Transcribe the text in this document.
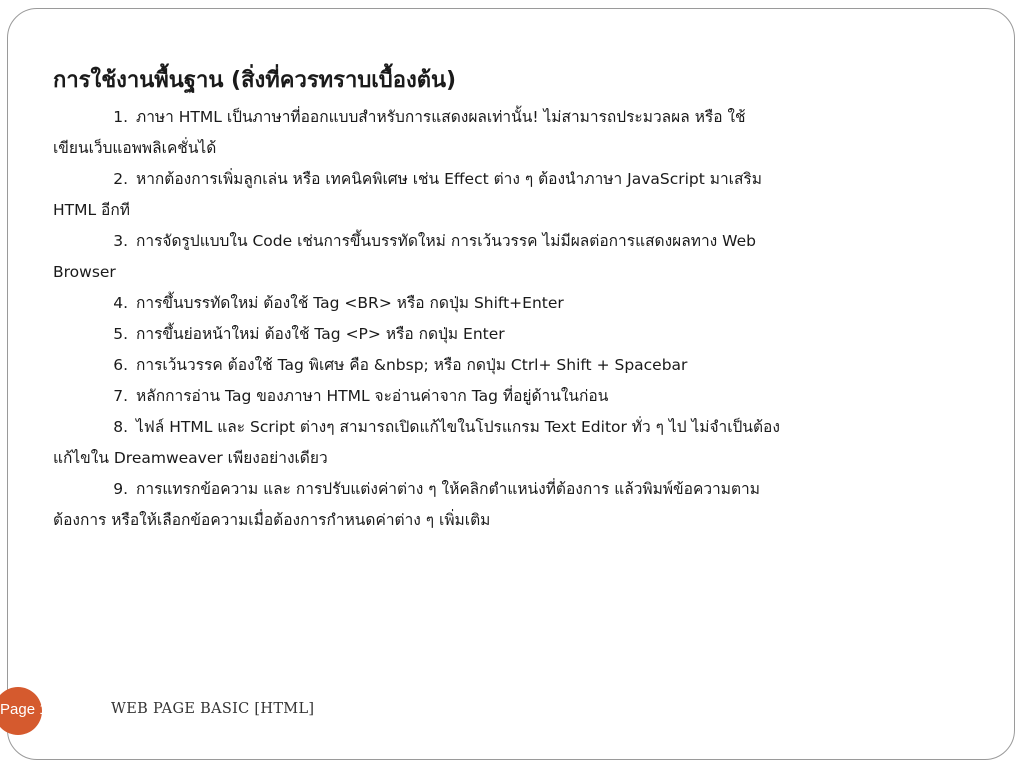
การใช้งานพื้นฐาน (สิ่งที่ควรทราบเบื้องต้น)
1. ภาษา HTML เป็นภาษาที่ออกแบบสำหรับการแสดงผลเท่านั้น! ไม่สามารถประมวลผล หรือ ใช้
เขียนเว็บแอพพลิเคชั่นได้
2. หากต้องการเพิ่มลูกเล่น หรือ เทคนิคพิเศษ เช่น Effect ต่าง ๆ ต้องนำภาษา JavaScript มาเสริม
HTML อีกที
3. การจัดรูปแบบใน Code เช่นการขึ้นบรรทัดใหม่ การเว้นวรรค ไม่มีผลต่อการแสดงผลทาง Web
Browser
4. การขึ้นบรรทัดใหม่ ต้องใช้ Tag <BR> หรือ กดปุ่ม Shift+Enter
5. การขึ้นย่อหน้าใหม่ ต้องใช้ Tag <P> หรือ กดปุ่ม Enter
6. การเว้นวรรค ต้องใช้ Tag พิเศษ คือ &nbsp; หรือ กดปุ่ม Ctrl+ Shift + Spacebar
7. หลักการอ่าน Tag ของภาษา HTML จะอ่านค่าจาก Tag ที่อยู่ด้านในก่อน
8. ไฟล์ HTML และ Script ต่างๆ สามารถเปิดแก้ไขในโปรแกรม Text Editor ทั่ว ๆ ไป ไม่จำเป็นต้อง
แก้ไขใน Dreamweaver เพียงอย่างเดียว
9. การแทรกข้อความ และ การปรับแต่งค่าต่าง ๆ ให้คลิกตำแหน่งที่ต้องการ แล้วพิมพ์ข้อความตาม
ต้องการ หรือให้เลือกข้อความเมื่อต้องการกำหนดค่าต่าง ๆ เพิ่มเติม
Page 11	WEB PAGE BASIC [HTML]
